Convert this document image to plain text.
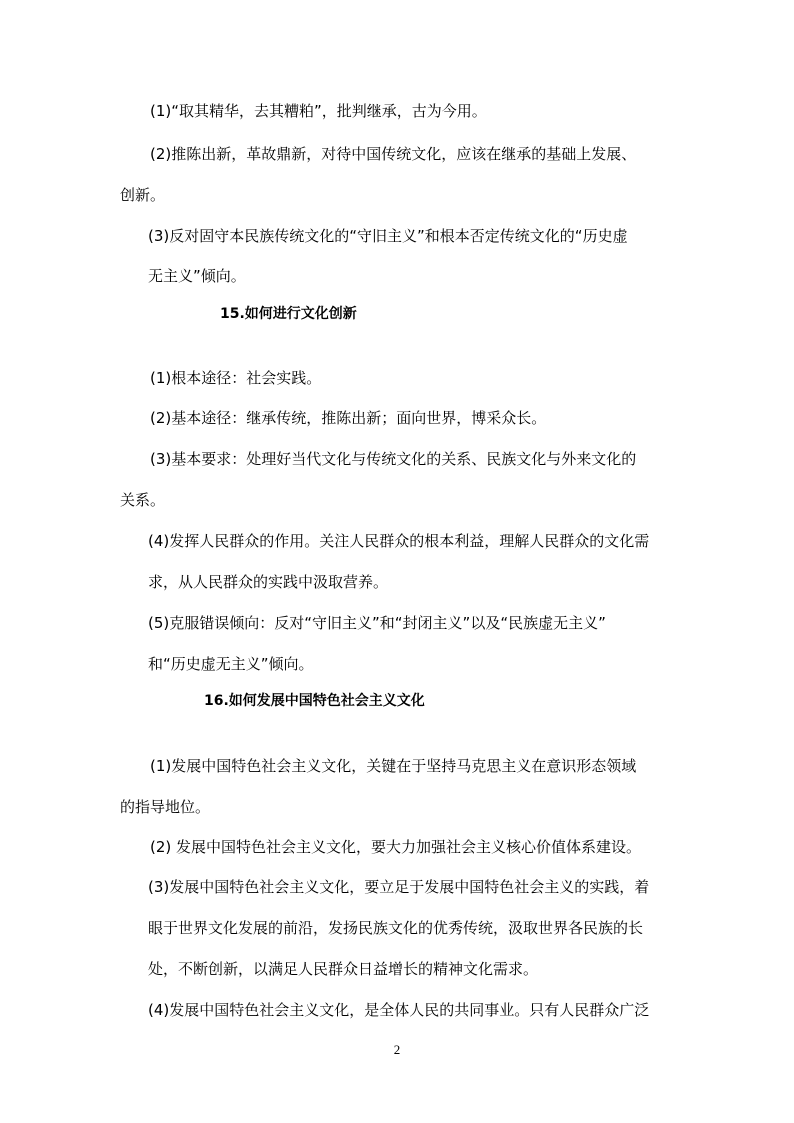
(1)“取其精华，去其糟粕”，批判继承，古为今用。
(2)推陈出新，革故鼎新，对待中国传统文化，应该在继承的基础上发展、
创新。
(3)反对固守本民族传统文化的“守旧主义”和根本否定传统文化的“历史虚
无主义”倾向。
15.如何进行文化创新
(1)根本途径：社会实践。
(2)基本途径：继承传统，推陈出新；面向世界，博采众长。
(3)基本要求：处理好当代文化与传统文化的关系、民族文化与外来文化的
关系。
(4)发挥人民群众的作用。关注人民群众的根本利益，理解人民群众的文化需
求，从人民群众的实践中汲取营养。
(5)克服错误倾向：反对“守旧主义”和“封闭主义”以及“民族虚无主义”
和“历史虚无主义”倾向。
16.如何发展中国特色社会主义文化
(1)发展中国特色社会主义文化，关键在于坚持马克思主义在意识形态领域
的指导地位。
(2) 发展中国特色社会主义文化，要大力加强社会主义核心价值体系建设。
(3)发展中国特色社会主义文化，要立足于发展中国特色社会主义的实践，着
眼于世界文化发展的前沿，发扬民族文化的优秀传统，汲取世界各民族的长
处，不断创新，以满足人民群众日益增长的精神文化需求。
(4)发展中国特色社会主义文化，是全体人民的共同事业。只有人民群众广泛
2
